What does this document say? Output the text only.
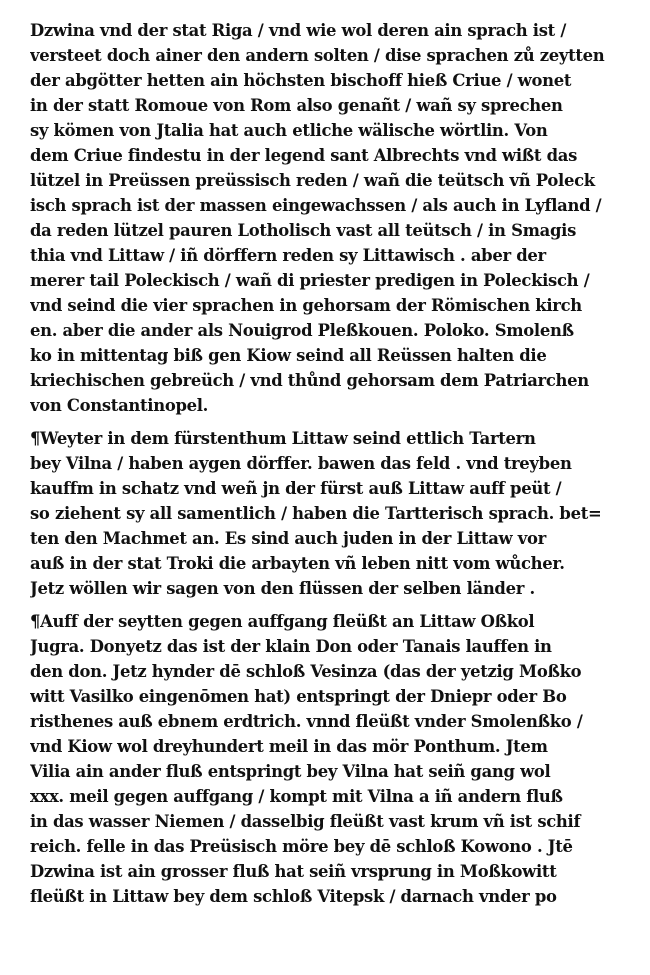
Dzwina vnd der stat Riga / vnd wie wol deren ain sprach ist /
versteet doch ainer den andern solten / dise sprachen zů zeytten
der abgötter hetten ain höchsten bischoff hieß Criue / wonet
in der statt Romoue von Rom also genañt / wañ sy sprechen
sy kömen von Jtalia hat auch etliche wälische wörtlin. Von
dem Criue findestu in der legend sant Albrechts vnd wißt das
lützel in Preüssen preüssisch reden / wañ die teütsch vñ Poleck
isch sprach ist der massen eingewachssen / als auch in Lyfland /
da reden lützel pauren Lotholisch vast all teütsch / in Smagis
thia vnd Littaw / iñ dörffern reden sy Littawisch . aber der
merer tail Poleckisch / wañ di priester predigen in Poleckisch /
vnd seind die vier sprachen in gehorsam der Römischen kirch
en. aber die ander als Nouigrod Pleßkouen. Poloko. Smolenß
ko in mittentag biß gen Kiow seind all Reüssen halten die
kriechischen gebreüch / vnd thůnd gehorsam dem Patriarchen
von Constantinopel.
¶Weyter in dem fürstenthum Littaw seind ettlich Tartern
bey Vilna / haben aygen dörffer. bawen das feld . vnd treyben
kauffm in schatz vnd weñ jn der fürst auß Littaw auff peüt /
so ziehent sy all samentlich / haben die Tartterisch sprach. bet=
ten den Machmet an. Es sind auch juden in der Littaw vor
auß in der stat Troki die arbayten vñ leben nitt vom wůcher.
Jetz wöllen wir sagen von den flüssen der selben länder .
¶Auff der seytten gegen auffgang fleüßt an Littaw Oßkol
Jugra. Donyetz das ist der klain Don oder Tanais lauffen in
den don. Jetz hynder dē schloß Vesinza (das der yetzig Moßko
witt Vasilko eingenōmen hat) entspringt der Dniepr oder Bo
risthenes auß ebnem erdtrich. vnnd fleüßt vnder Smolenßko /
vnd Kiow wol dreyhundert meil in das mör Ponthum. Jtem
Vilia ain ander fluß entspringt bey Vilna hat seiñ gang wol
xxx. meil gegen auffgang / kompt mit Vilna a iñ andern fluß
in das wasser Niemen / dasselbig fleüßt vast krum vñ ist schif
reich. felle in das Preüsisch möre bey dē schloß Kowono . Jtē
Dzwina ist ain grosser fluß hat seiñ vrsprung in Moßkowitt
fleüßt in Littaw bey dem schloß Vitepsk / darnach vnder po
